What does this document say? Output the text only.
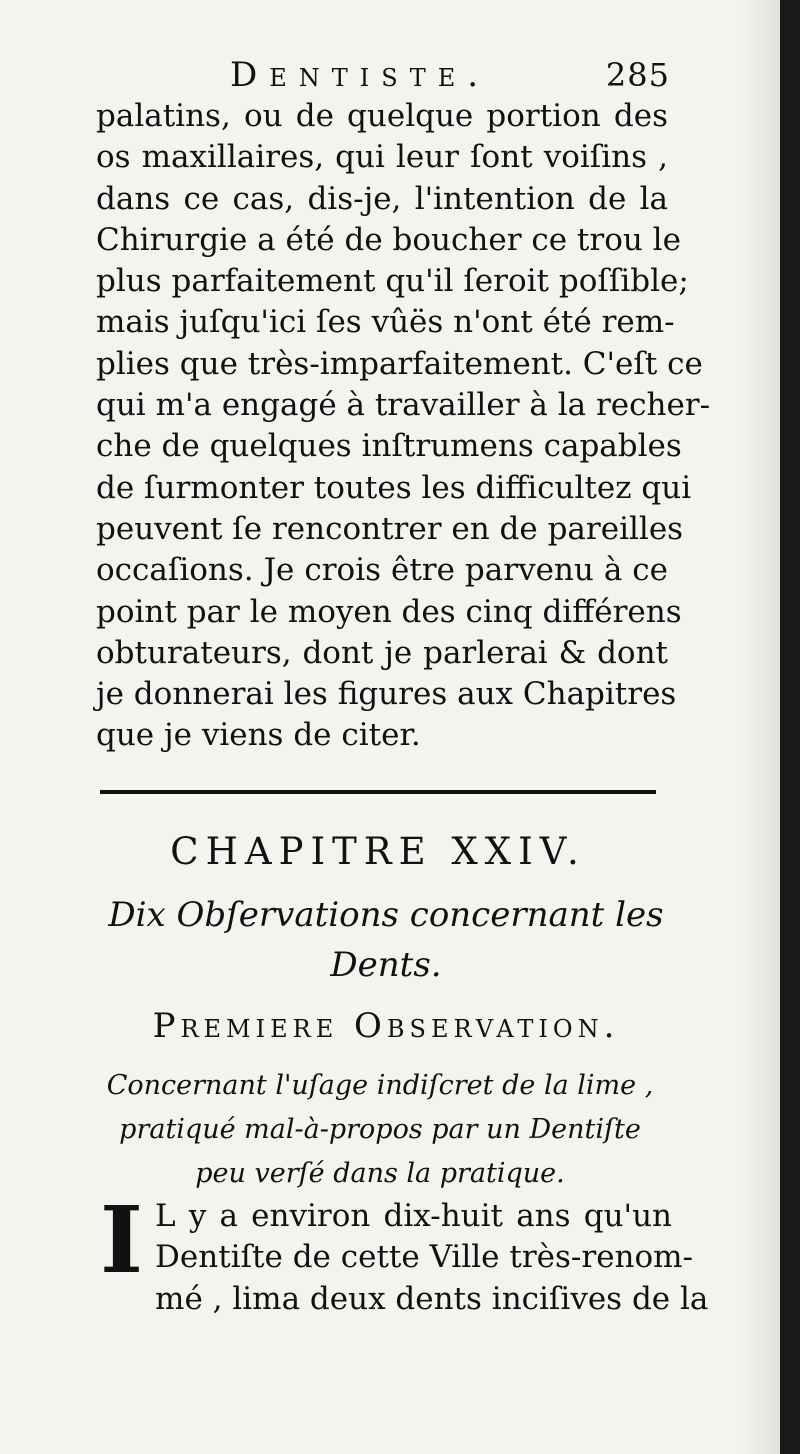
Dentiste.	285
palatins, ou de quelque portion des
os maxillaires, qui leur ſont voiſins ,
dans ce cas, dis-je, l'intention de la
Chirurgie a été de boucher ce trou le
plus parfaitement qu'il ſeroit poſſible;
mais juſqu'ici ſes vûës n'ont été rem-
plies que très-imparfaitement. C'eſt ce
qui m'a engagé à travailler à la recher-
che de quelques inſtrumens capables
de ſurmonter toutes les difficultez qui
peuvent ſe rencontrer en de pareilles
occaſions. Je crois être parvenu à ce
point par le moyen des cinq différens
obturateurs, dont je parlerai & dont
je donnerai les figures aux Chapitres
que je viens de citer.
CHAPITRE XXIV.
Dix Obſervations concernant les
Dents.
Premiere Observation.
Concernant l'uſage indiſcret de la lime ,
pratiqué mal-à-propos par un Dentiſte
peu verſé dans la pratique.
I L y a environ dix-huit ans qu'un
Dentiſte de cette Ville très-renom-
mé , lima deux dents inciſives de la
